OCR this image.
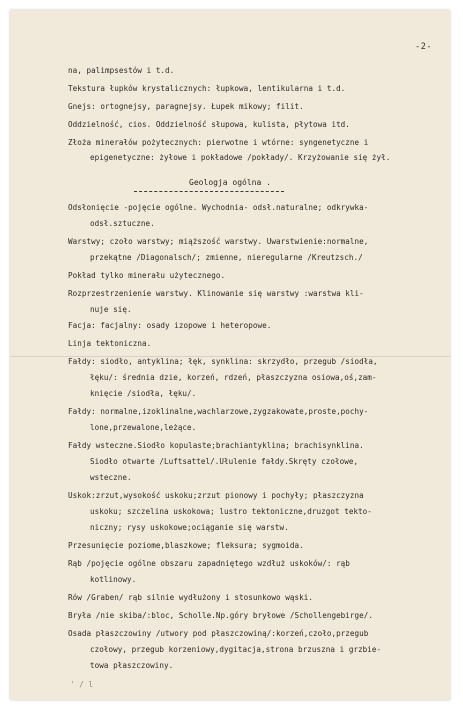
-2-
na, palimpsestów i t.d.
Tekstura łupków krystalicznych: łupkowa, lentikularna i t.d.
Gnejs: ortognejsy, paragnejsy. Łupek mikowy; filit.
Oddzielność, cios. Oddzielność słupowa, kulista, płytowa itd.
Złoża minerałów pożytecznych: pierwotne i wtórne: syngenetyczne i
epigenetyczne: żyłowe i pokładowe /pokłady/. Krzyżowanie się żył.
Geologja ogólna .
Odsłonięcie -pojęcie ogólne. Wychodnia- odsł.naturalne; odkrywka-
odsł.sztuczne.
Warstwy; czoło warstwy; miąższość warstwy. Uwarstwienie:normalne,
przekątne /Diagonalsch/; zmienne, nieregularne /Kreutzsch./
Pokład tylko minerału użytecznego.
Rozprzestrzenienie warstwy. Klinowanie się warstwy :warstwa kli-
nuje się.
Facja: facjalny: osady izopowe i heteropowe.
Linja tektoniczna.
Fałdy: siodło, antyklina; łęk, synklina: skrzydło, przegub /siodła,
łęku/: średnia dzie, korzeń, rdzeń, płaszczyzna osiowa,oś,zam-
knięcie /siodła, łęku/.
Fałdy: normalne,izoklinalne,wachlarzowe,zygzakowate,proste,pochy-
lone,przewalone,leżące.
Fałdy wsteczne.Siodło kopulaste;brachiantyklina; brachisynklina.
Siodło otwarte /Luftsattel/.Ułulenie fałdy.Skręty czołowe,
wsteczne.
Uskok:zrzut,wysokość uskoku;zrzut pionowy i pochyły; płaszczyzna
uskoku; szczelina uskokowa; lustro tektoniczne,druzgot tekto-
niczny; rysy uskokowe;ociąganie się warstw.
Przesunięcie poziome,blaszkowe; fleksura; sygmoida.
Rąb /pojęcie ogólne obszaru zapadniętego wzdłuż uskoków/: rąb
kotlinowy.
Rów /Graben/ rąb silnie wydłużony i stosunkowo wąski.
Bryła /nie skiba/:bloc, Scholle.Np.góry bryłowe /Schollengebirge/.
Osada płaszczowiny /utwory pod płaszczowiną/:korzeń,czoło,przegub
czołowy, przegub korzeniowy,dygitacja,strona brzuszna i grzbie-
towa płaszczowiny.
' / l
